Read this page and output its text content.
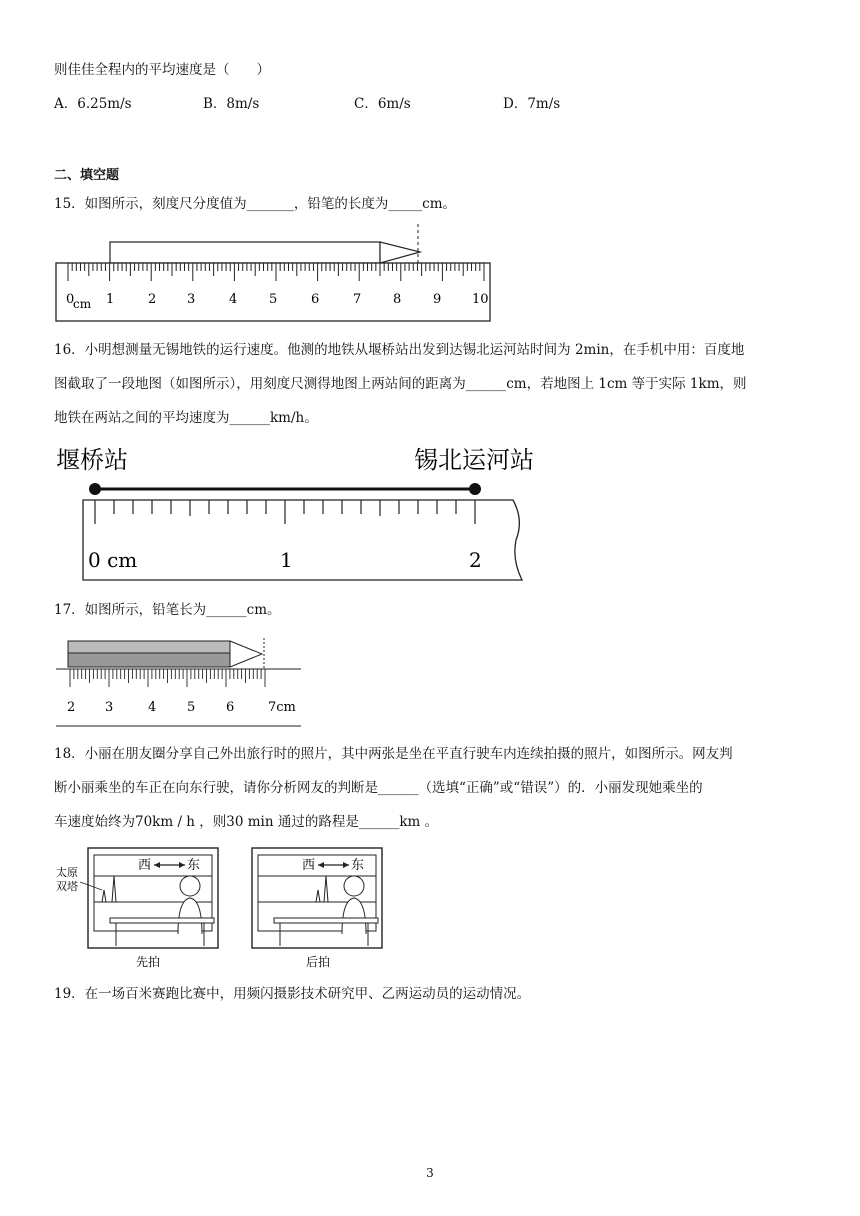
则佳佳全程内的平均速度是（　　）
A．6.25m/s	B．8m/s	C．6m/s	D．7m/s
二、填空题
15．如图所示，刻度尺分度值为_______，铅笔的长度为_____cm。
0
cm 1	2 3	4 5	6	7 8 9 10
16．小明想测量无锡地铁的运行速度。他测的地铁从堰桥站出发到达锡北运河站时间为 2min，在手机中用：百度地
图截取了一段地图（如图所示），用刻度尺测得地图上两站间的距离为______cm，若地图上 1cm 等于实际 1km，则
地铁在两站之间的平均速度为______km/h。
堰桥站	锡北运河站
0 cm	1	2
17．如图所示，铅笔长为______cm。
2 3	4 5 6	7cm
18．小丽在朋友圈分享自己外出旅行时的照片，其中两张是坐在平直行驶车内连续拍摄的照片，如图所示。网友判
断小丽乘坐的车正在向东行驶，请你分析网友的判断是______（选填“正确”或“错误”）的．小丽发现她乘坐的
车速度始终为70km / h ，则30 min 通过的路程是______km 。
西	东
太原
双塔
先拍
西	东
后拍
19．在一场百米赛跑比赛中，用频闪摄影技术研究甲、乙两运动员的运动情况。
3
